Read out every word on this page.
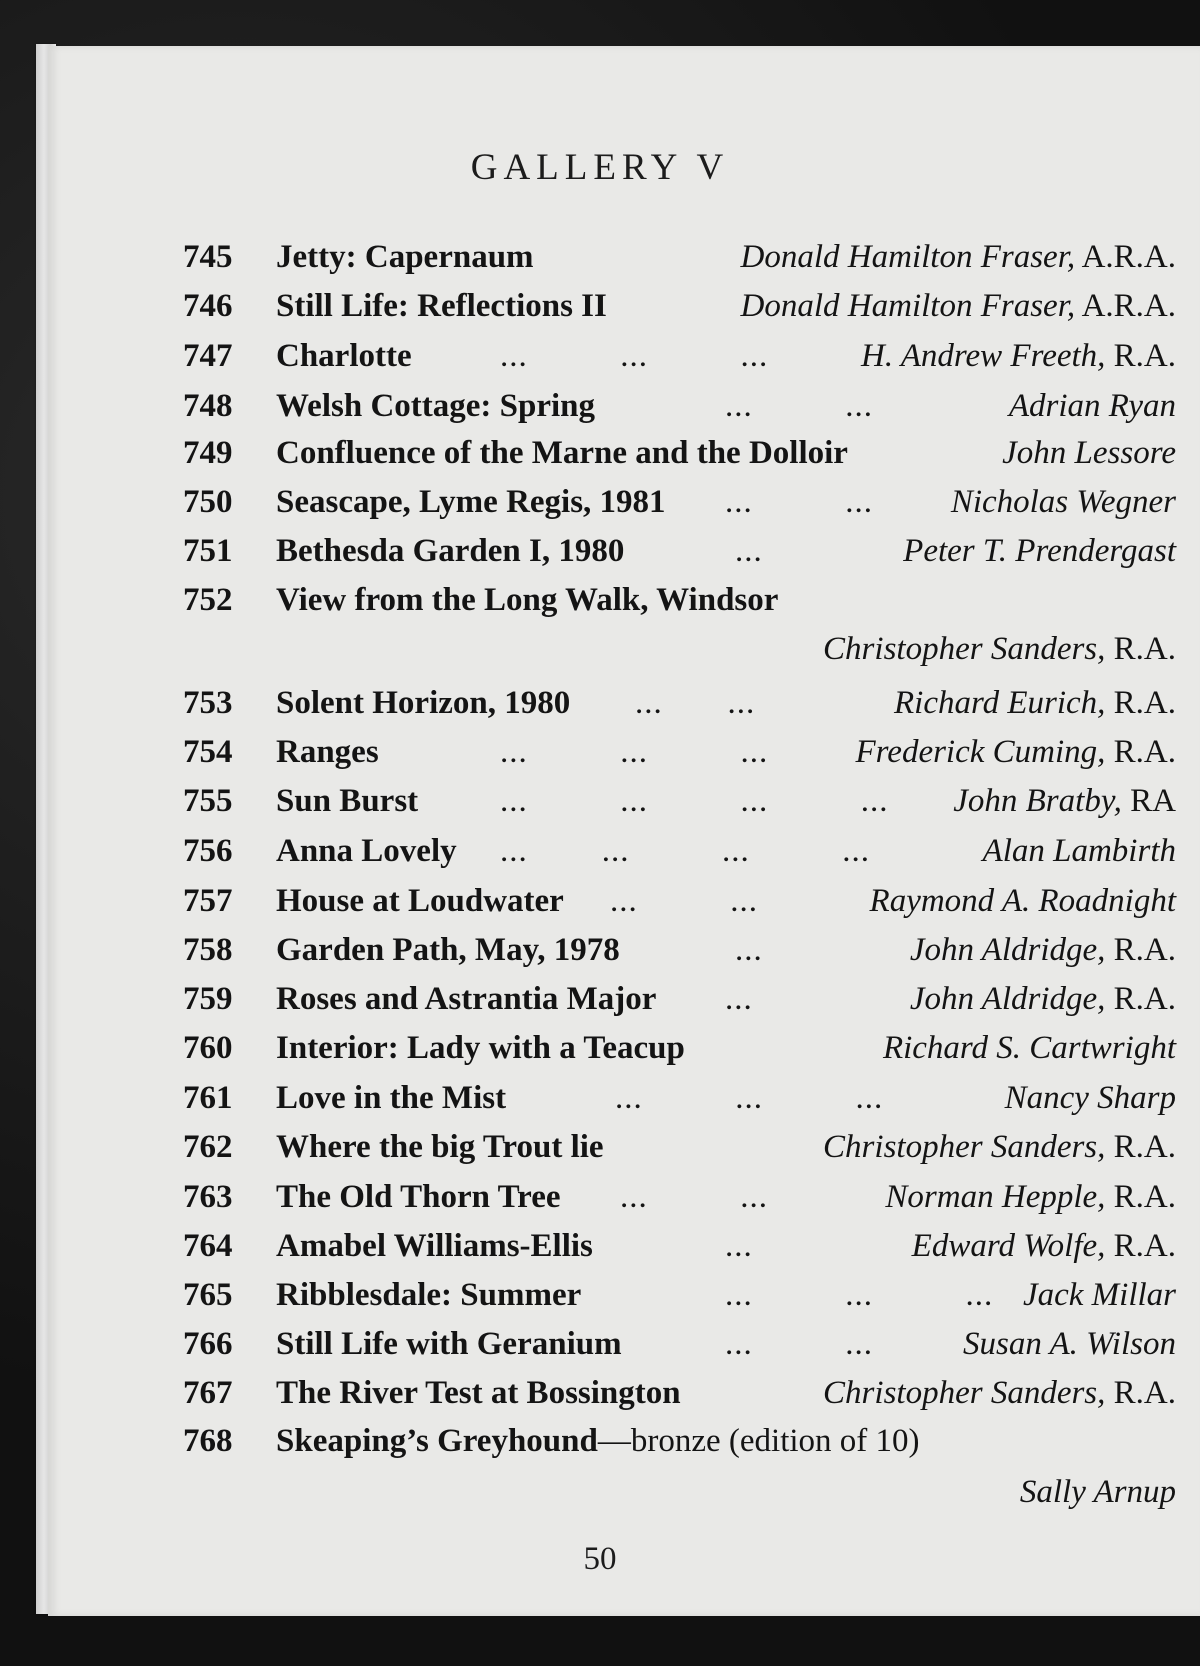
GALLERY V
745 Jetty: Capernaum	Donald Hamilton Fraser, A.R.A.
746 Still Life: Reflections II	Donald Hamilton Fraser, A.R.A.
747 Charlotte	...          ...          ...	H. Andrew Freeth, R.A.
748 Welsh Cottage: Spring	...          ...	Adrian Ryan
749 Confluence of the Marne and the Dolloir	John Lessore
750 Seascape, Lyme Regis, 1981 ...          ... Nicholas Wegner
751 Bethesda Garden I, 1980	...	Peter T. Prendergast
752 View from the Long Walk, Windsor
Christopher Sanders, R.A.
753 Solent Horizon, 1980 ...       ...	Richard Eurich, R.A.
754 Ranges	...          ...          ...	Frederick Cuming, R.A.
755 Sun Burst ...          ...          ...          ... John Bratby, RA
756 Anna Lovely ...        ...          ...          ...	Alan Lambirth
757 House at Loudwater ...          ...	Raymond A. Roadnight
758 Garden Path, May, 1978	...	John Aldridge, R.A.
759 Roses and Astrantia Major ...	John Aldridge, R.A.
760 Interior: Lady with a Teacup	Richard S. Cartwright
761 Love in the Mist	...          ...          ...	Nancy Sharp
762 Where the big Trout lie	Christopher Sanders, R.A.
763 The Old Thorn Tree ...          ...	Norman Hepple, R.A.
764 Amabel Williams-Ellis	...	Edward Wolfe, R.A.
765 Ribblesdale: Summer	...          ...          ... Jack Millar
766 Still Life with Geranium	...          ...	Susan A. Wilson
767 The River Test at Bossington	Christopher Sanders, R.A.
768 Skeaping’s Greyhound—bronze (edition of 10)
Sally Arnup
50
